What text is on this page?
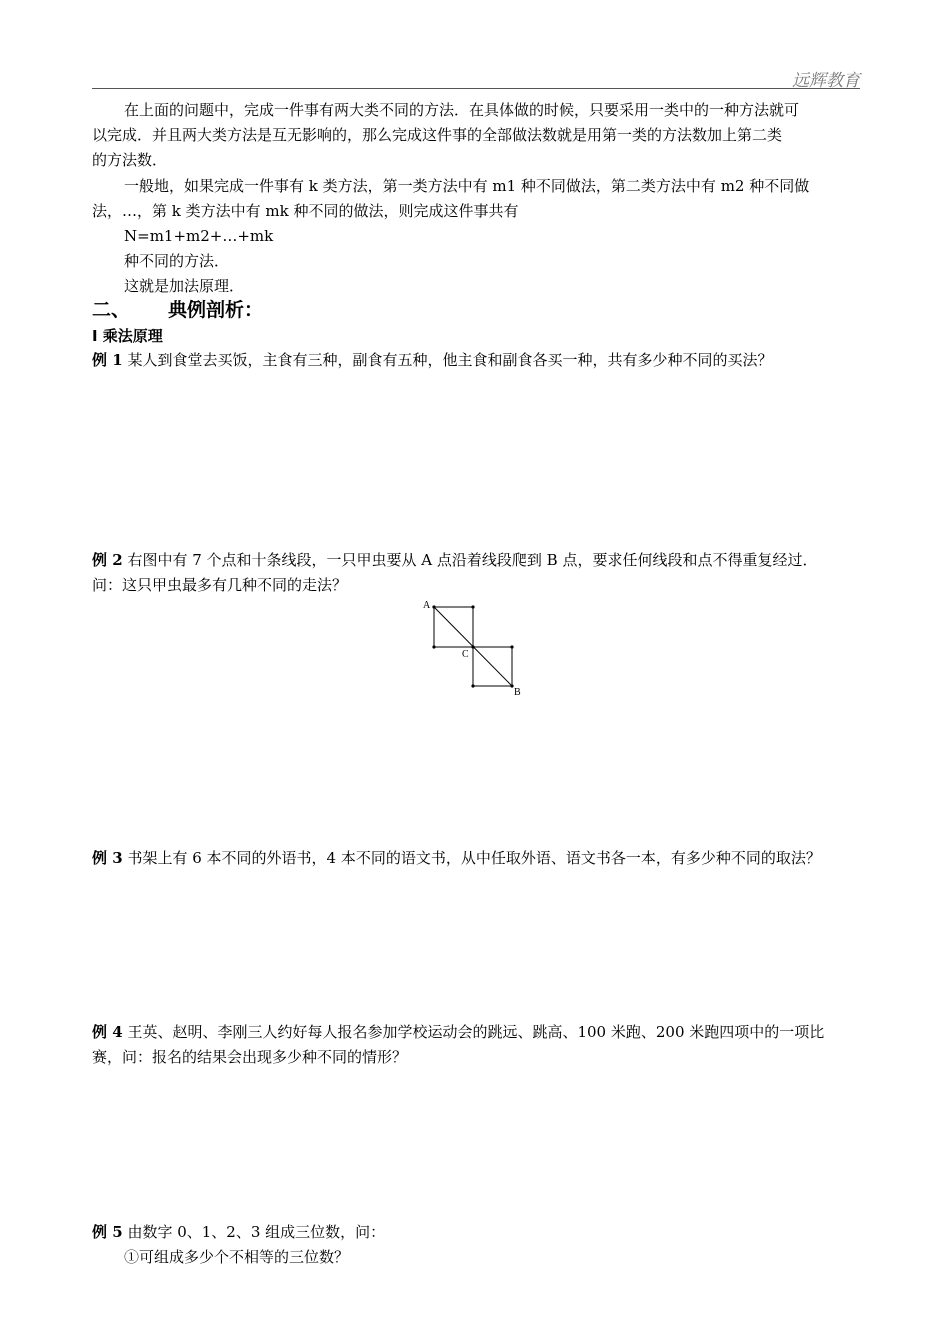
远辉教育
在上面的问题中，完成一件事有两大类不同的方法．在具体做的时候，只要采用一类中的一种方法就可
以完成．并且两大类方法是互无影响的，那么完成这件事的全部做法数就是用第一类的方法数加上第二类
的方法数．
一般地，如果完成一件事有 k 类方法，第一类方法中有 m1 种不同做法，第二类方法中有 m2 种不同做
法，…，第 k 类方法中有 mk 种不同的做法，则完成这件事共有
N=m1+m2+…+mk
种不同的方法．
这就是加法原理．
二、 典例剖析：
Ⅰ 乘法原理
例 1 某人到食堂去买饭，主食有三种，副食有五种，他主食和副食各买一种，共有多少种不同的买法？
例 2 右图中有 7 个点和十条线段，一只甲虫要从 A 点沿着线段爬到 B 点，要求任何线段和点不得重复经过．
问：这只甲虫最多有几种不同的走法？
A
C
B
例 3 书架上有 6 本不同的外语书，4 本不同的语文书，从中任取外语、语文书各一本，有多少种不同的取法？
例 4 王英、赵明、李刚三人约好每人报名参加学校运动会的跳远、跳高、100 米跑、200 米跑四项中的一项比
赛，问：报名的结果会出现多少种不同的情形？
例 5 由数字 0、1、2、3 组成三位数，问：
①可组成多少个不相等的三位数？
